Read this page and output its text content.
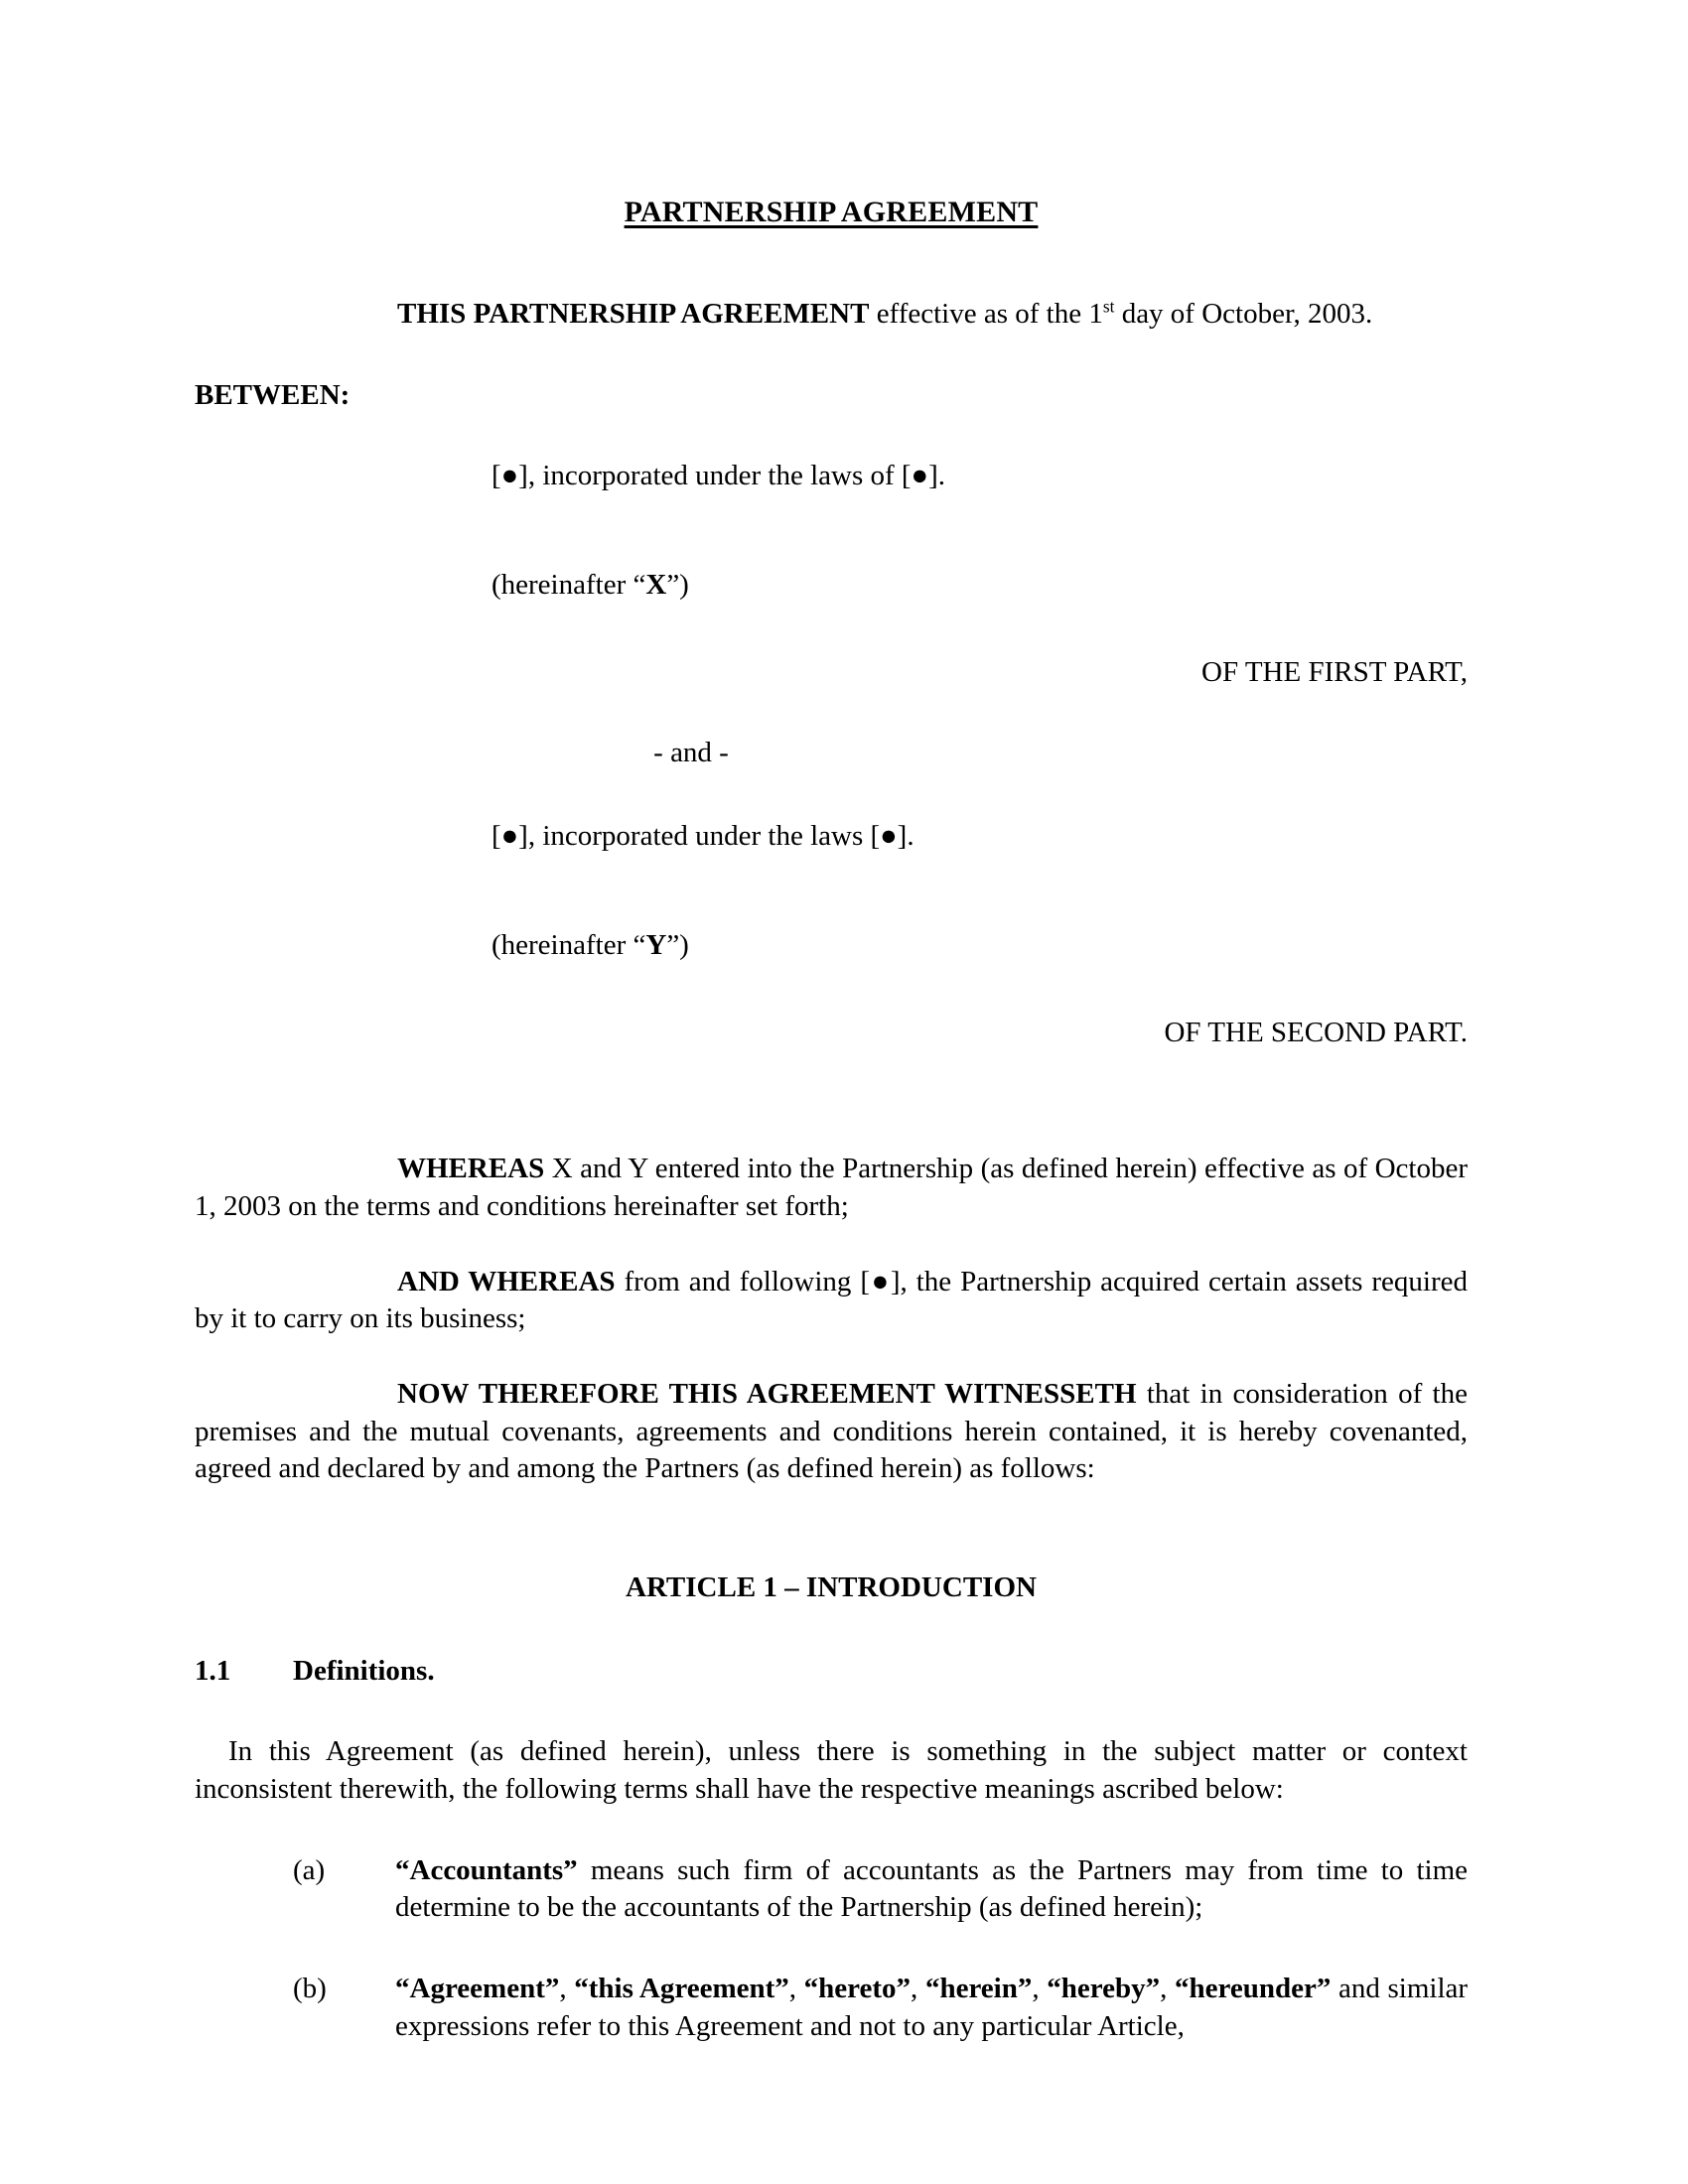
PARTNERSHIP AGREEMENT
THIS PARTNERSHIP AGREEMENT effective as of the 1st day of October, 2003.
BETWEEN:
[●], incorporated under the laws of [●].
(hereinafter “X”)
OF THE FIRST PART,
- and -
[●], incorporated under the laws [●].
(hereinafter “Y”)
OF THE SECOND PART.
WHEREAS X and Y entered into the Partnership (as defined herein) effective as of October 1, 2003 on the terms and conditions hereinafter set forth;
AND WHEREAS from and following [●], the Partnership acquired certain assets required by it to carry on its business;
NOW THEREFORE THIS AGREEMENT WITNESSETH that in consideration of the premises and the mutual covenants, agreements and conditions herein contained, it is hereby covenanted, agreed and declared by and among the Partners (as defined herein) as follows:
ARTICLE 1 – INTRODUCTION
1.1	Definitions.
In this Agreement (as defined herein), unless there is something in the subject matter or context inconsistent therewith, the following terms shall have the respective meanings ascribed below:
(a)	“Accountants” means such firm of accountants as the Partners may from time to time determine to be the accountants of the Partnership (as defined herein);
(b)	“Agreement”, “this Agreement”, “hereto”, “herein”, “hereby”, “hereunder” and similar expressions refer to this Agreement and not to any particular Article,
